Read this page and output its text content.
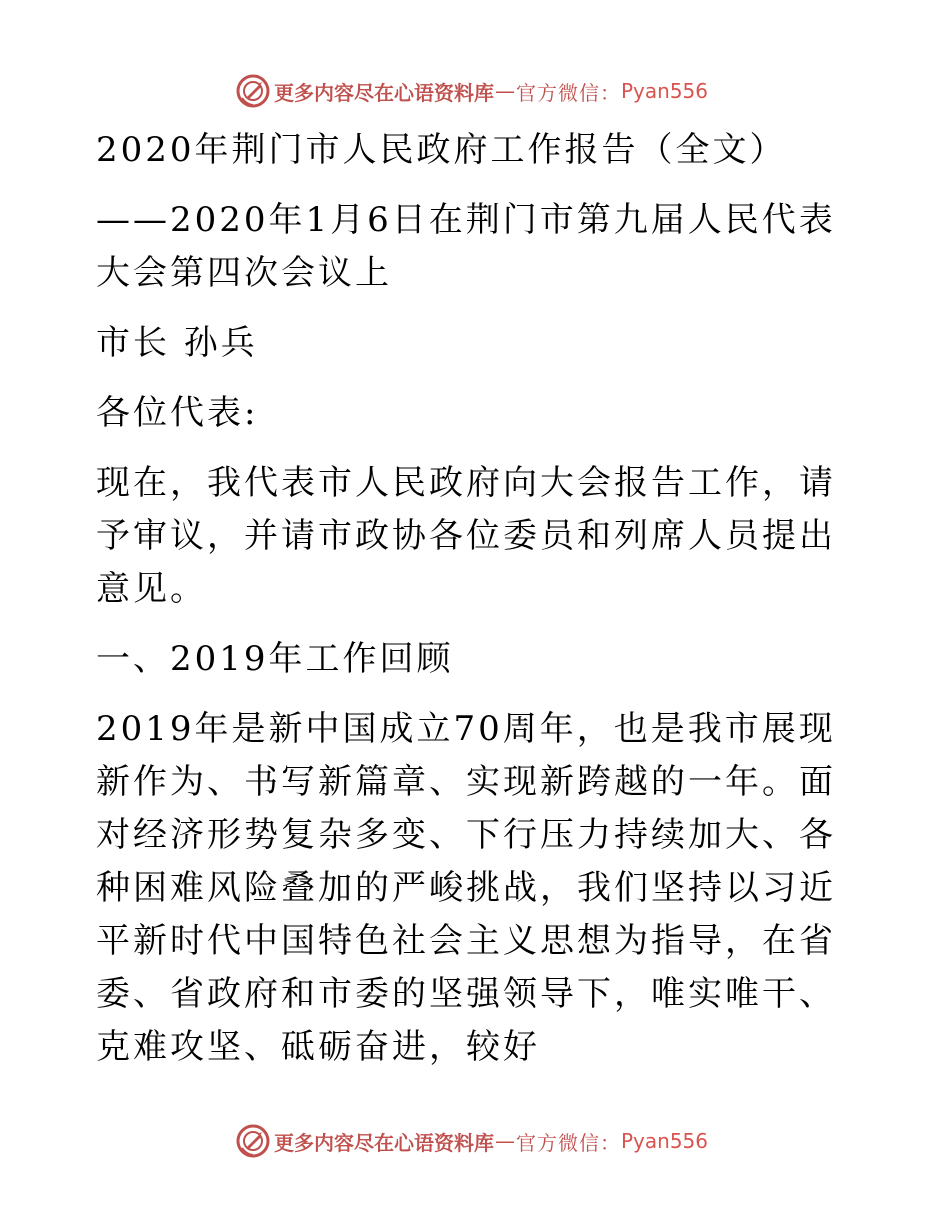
更多内容尽在心语资料库 — 官方微信： Pyan556

2020年荆门市人民政府工作报告（全文）

——2020年1月6日在荆门市第九届人民代表大会第四次会议上

市长 孙兵

各位代表:

现在，我代表市人民政府向大会报告工作，请予审议，并请市政协各位委员和列席人员提出意见。

一、2019年工作回顾

2019年是新中国成立70周年，也是我市展现新作为、书写新篇章、实现新跨越的一年。面对经济形势复杂多变、下行压力持续加大、各种困难风险叠加的严峻挑战，我们坚持以习近平新时代中国特色社会主义思想为指导，在省委、省政府和市委的坚强领导下，唯实唯干、克难攻坚、砥砺奋进，较好

更多内容尽在心语资料库 — 官方微信： Pyan556
